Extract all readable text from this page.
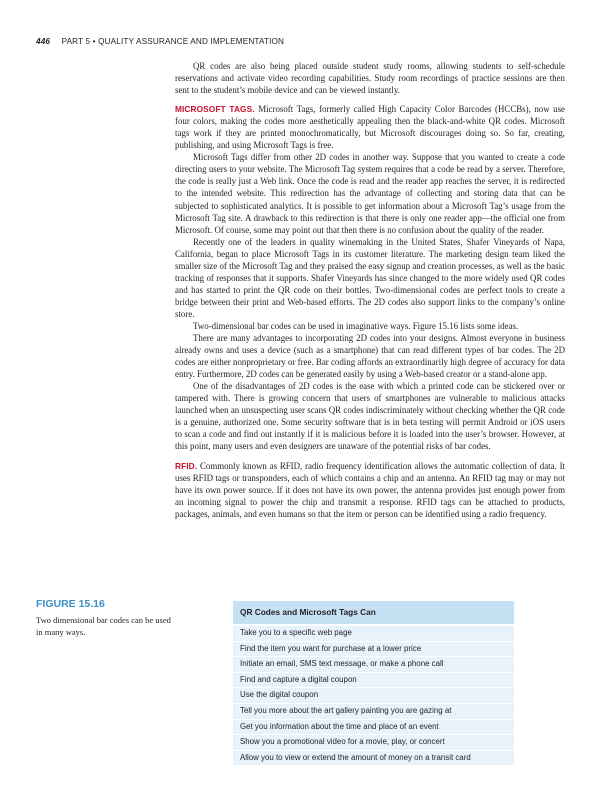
446 PART 5 • QUALITY ASSURANCE AND IMPLEMENTATION

QR codes are also being placed outside student study rooms, allowing students to self-schedule reservations and activate video recording capabilities. Study room recordings of practice sessions are then sent to the student’s mobile device and can be viewed instantly.

MICROSOFT TAGS. Microsoft Tags, formerly called High Capacity Color Barcodes (HCCBs), now use four colors, making the codes more aesthetically appealing then the black-and-white QR codes. Microsoft tags work if they are printed monochromatically, but Microsoft discourages doing so. So far, creating, publishing, and using Microsoft Tags is free.

Microsoft Tags differ from other 2D codes in another way. Suppose that you wanted to create a code directing users to your website. The Microsoft Tag system requires that a code be read by a server. Therefore, the code is really just a Web link. Once the code is read and the reader app reaches the server, it is redirected to the intended website. This redirection has the advantage of collecting and storing data that can be subjected to sophisticated analytics. It is possible to get information about a Microsoft Tag’s usage from the Microsoft Tag site. A drawback to this redirection is that there is only one reader app—the official one from Microsoft. Of course, some may point out that then there is no confusion about the quality of the reader.

Recently one of the leaders in quality winemaking in the United States, Shafer Vineyards of Napa, California, began to place Microsoft Tags in its customer literature. The marketing design team liked the smaller size of the Microsoft Tag and they praised the easy signup and creation processes, as well as the basic tracking of responses that it supports. Shafer Vineyards has since changed to the more widely used QR codes and has started to print the QR code on their bottles. Two-dimensional codes are perfect tools to create a bridge between their print and Web-based efforts. The 2D codes also support links to the company’s online store.

Two-dimensional bar codes can be used in imaginative ways. Figure 15.16 lists some ideas.

There are many advantages to incorporating 2D codes into your designs. Almost everyone in business already owns and uses a device (such as a smartphone) that can read different types of bar codes. The 2D codes are either nonproprietary or free. Bar coding affords an extraordinarily high degree of accuracy for data entry. Furthermore, 2D codes can be generated easily by using a Web-based creator or a stand-alone app.

One of the disadvantages of 2D codes is the ease with which a printed code can be stickered over or tampered with. There is growing concern that users of smartphones are vulnerable to malicious attacks launched when an unsuspecting user scans QR codes indiscriminately without checking whether the QR code is a genuine, authorized one. Some security software that is in beta testing will permit Android or iOS users to scan a code and find out instantly if it is malicious before it is loaded into the user’s browser. However, at this point, many users and even designers are unaware of the potential risks of bar codes.

RFID. Commonly known as RFID, radio frequency identification allows the automatic collection of data. It uses RFID tags or transponders, each of which contains a chip and an antenna. An RFID tag may or may not have its own power source. If it does not have its own power, the antenna provides just enough power from an incoming signal to power the chip and transmit a response. RFID tags can be attached to products, packages, animals, and even humans so that the item or person can be identified using a radio frequency.

FIGURE 15.16
Two dimensional bar codes can be used in many ways.
QR Codes and Microsoft Tags Can
Take you to a specific web page
Find the item you want for purchase at a lower price
Initiate an email, SMS text message, or make a phone call
Find and capture a digital coupon
Use the digital coupon
Tell you more about the art gallery painting you are gazing at
Get you information about the time and place of an event
Show you a promotional video for a movie, play, or concert
Allow you to view or extend the amount of money on a transit card
